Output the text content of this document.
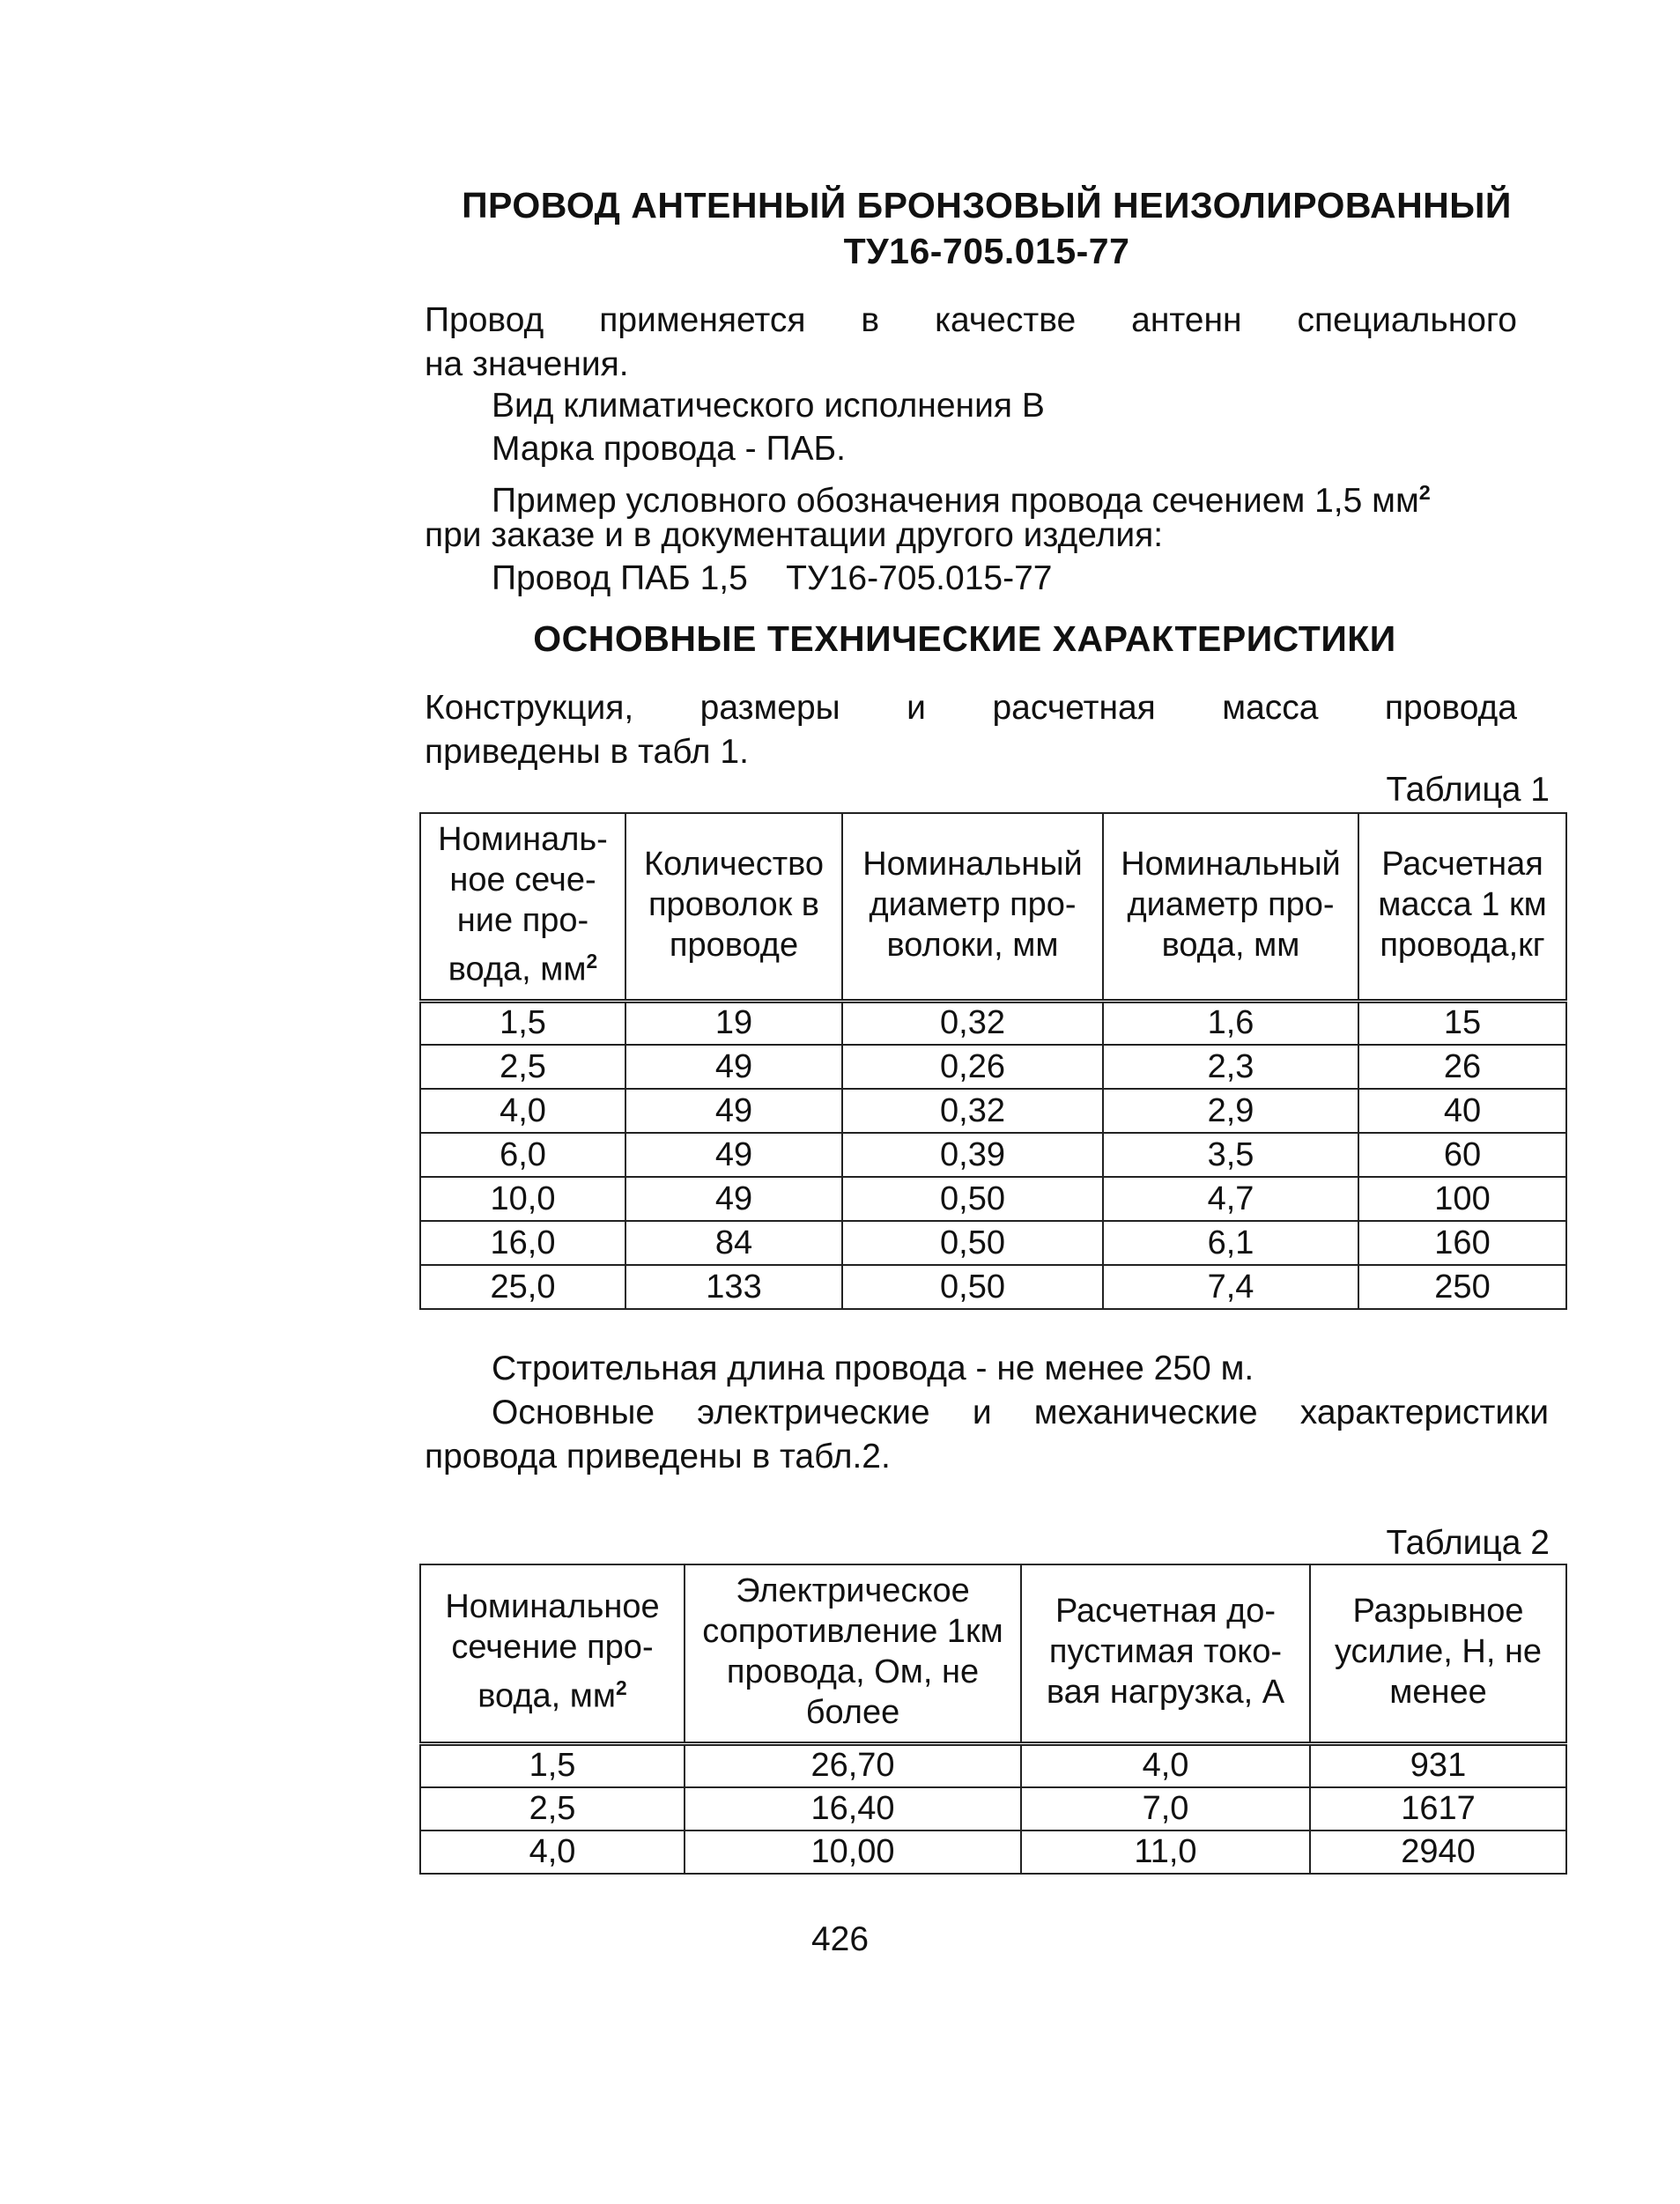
ПРОВОД АНТЕННЫЙ БРОНЗОВЫЙ НЕИЗОЛИРОВАННЫЙ
ТУ16-705.015-77
Провод применяется в качестве антенн специального
на значения.
Вид климатического исполнения В
Марка провода - ПАБ.
Пример условного обозначения провода сечением 1,5 $мм^2$
при заказе и в документации другого изделия:
Провод ПАБ 1,5    ТУ16-705.015-77
ОСНОВНЫЕ ТЕХНИЧЕСКИЕ ХАРАКТЕРИСТИКИ
Конструкция, размеры и расчетная масса провода
приведены в табл 1.
Таблица 1
Номиналь-ное сече-ние про-вода, $мм^2$	Количество проволок в проводе	Номинальный диаметр про-волоки, мм	Номинальный диаметр про-вода, мм	Расчетная масса 1 км провода,кг
1,5	19	0,32	1,6	15
2,5	49	0,26	2,3	26
4,0	49	0,32	2,9	40
6,0	49	0,39	3,5	60
10,0	49	0,50	4,7	100
16,0	84	0,50	6,1	160
25,0	133	0,50	7,4	250
Строительная длина провода - не менее 250 м.
Основные электрические и механические характеристики
провода приведены в табл.2.
Таблица 2
Номинальное сечение про-вода, $мм^2$	Электрическое сопротивление 1км провода, Ом, не более	Расчетная до-пустимая токо-вая нагрузка, А	Разрывное усилие, Н, не менее
1,5	26,70	4,0	931
2,5	16,40	7,0	1617
4,0	10,00	11,0	2940
426
